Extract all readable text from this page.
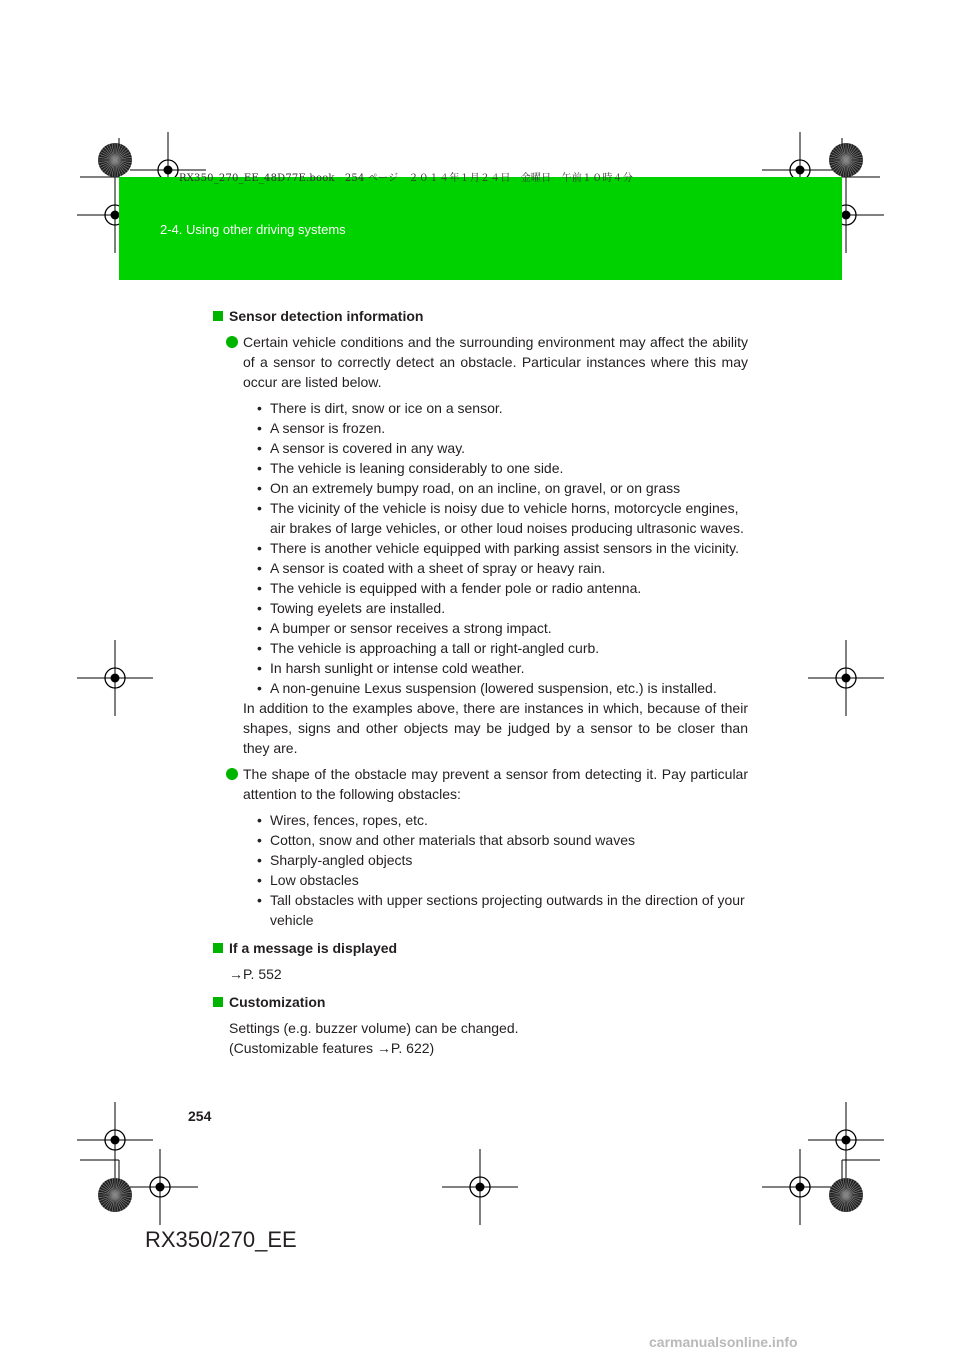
RX350_270_EE_48D77E.book　254 ページ　２０１４年１月２４日　金曜日　午前１０時４分
2-4. Using other driving systems
Sensor detection information
Certain vehicle conditions and the surrounding environment may affect the ability of a sensor to correctly detect an obstacle. Particular instances where this may occur are listed below.
• There is dirt, snow or ice on a sensor.
• A sensor is frozen.
• A sensor is covered in any way.
• The vehicle is leaning considerably to one side.
• On an extremely bumpy road, on an incline, on gravel, or on grass
• The vicinity of the vehicle is noisy due to vehicle horns, motorcycle engines, air brakes of large vehicles, or other loud noises producing ultrasonic waves.
• There is another vehicle equipped with parking assist sensors in the vicinity.
• A sensor is coated with a sheet of spray or heavy rain.
• The vehicle is equipped with a fender pole or radio antenna.
• Towing eyelets are installed.
• A bumper or sensor receives a strong impact.
• The vehicle is approaching a tall or right-angled curb.
• In harsh sunlight or intense cold weather.
• A non-genuine Lexus suspension (lowered suspension, etc.) is installed.
In addition to the examples above, there are instances in which, because of their shapes, signs and other objects may be judged by a sensor to be closer than they are.
The shape of the obstacle may prevent a sensor from detecting it. Pay particular attention to the following obstacles:
• Wires, fences, ropes, etc.
• Cotton, snow and other materials that absorb sound waves
• Sharply-angled objects
• Low obstacles
• Tall obstacles with upper sections projecting outwards in the direction of your vehicle
If a message is displayed
→P. 552
Customization
Settings (e.g. buzzer volume) can be changed.
(Customizable features →P. 622)
254
RX350/270_EE
carmanualsonline.info
